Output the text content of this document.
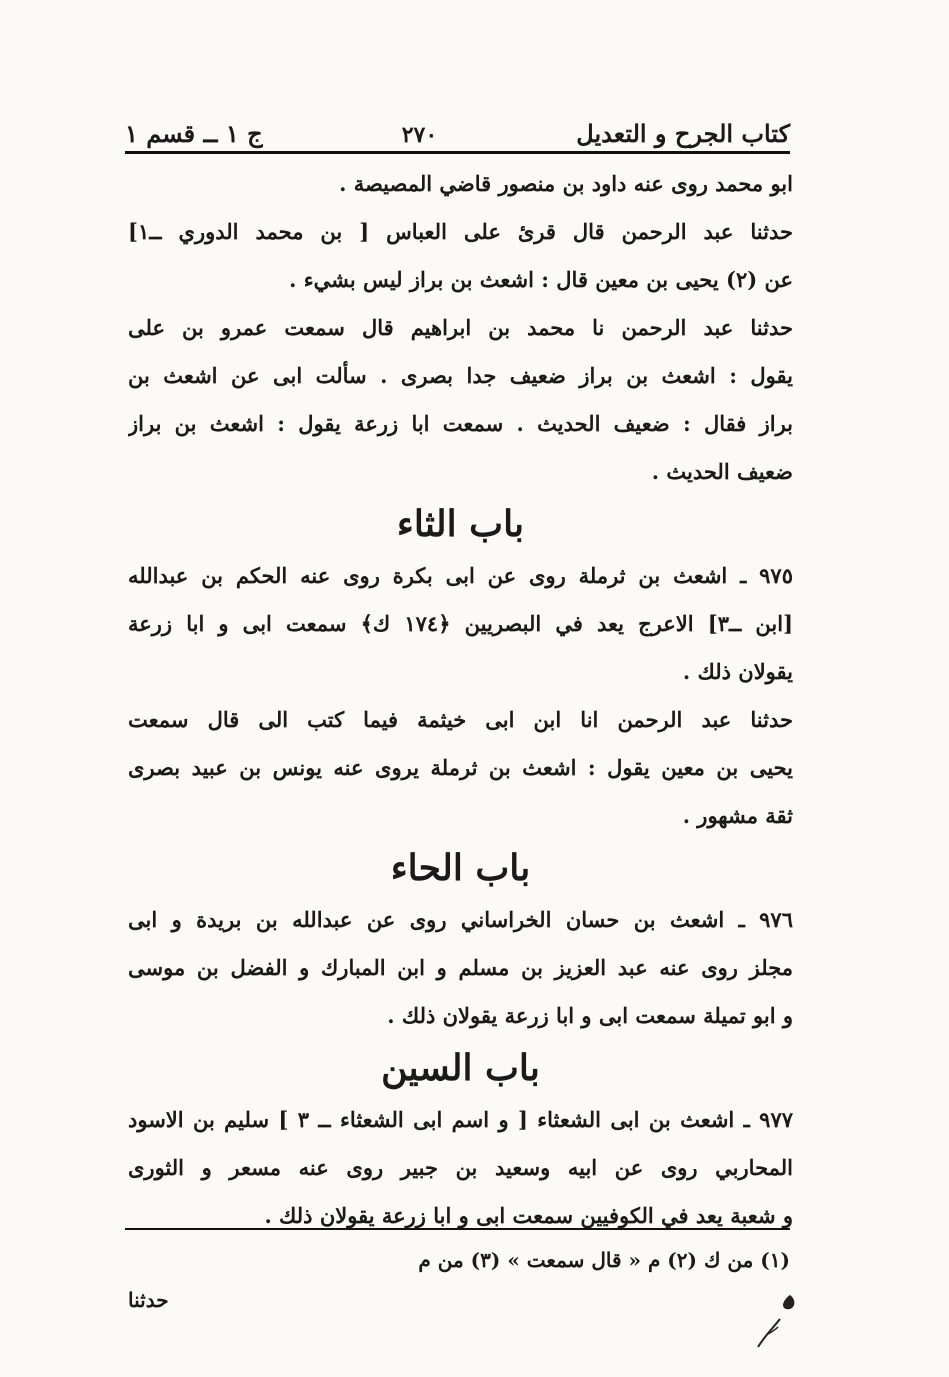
كتاب الجرح و التعديل
٢٧٠
ج ١ ــ قسم ١
ابو محمد روى عنه داود بن منصور قاضي المصيصة .
حدثنا عبد الرحمن قال قرئ على العباس [ بن محمد الدوري ــ١]
عن (٢) يحيى بن معين قال : اشعث بن براز ليس بشيء .
حدثنا عبد الرحمن نا محمد بن ابراهيم قال سمعت عمرو بن على
يقول : اشعث بن براز ضعيف جدا بصرى . سألت ابى عن اشعث بن
براز فقال : ضعيف الحديث . سمعت ابا زرعة يقول : اشعث بن براز
ضعيف الحديث .
باب الثاء
٩٧٥ ـ اشعث بن ثرملة روى عن ابى بكرة روى عنه الحكم بن عبدالله
[ابن ــ٣] الاعرج يعد في البصريين ﴿١٧٤ ك﴾ سمعت ابى و ابا زرعة
يقولان ذلك .
حدثنا عبد الرحمن انا ابن ابى خيثمة فيما كتب الى قال سمعت
يحيى بن معين يقول : اشعث بن ثرملة يروى عنه يونس بن عبيد بصرى
ثقة مشهور .
باب الحاء
٩٧٦ ـ اشعث بن حسان الخراساني روى عن عبدالله بن بريدة و ابى
مجلز روى عنه عبد العزيز بن مسلم و ابن المبارك و الفضل بن موسى
و ابو تميلة سمعت ابى و ابا زرعة يقولان ذلك .
باب السين
٩٧٧ ـ اشعث بن ابى الشعثاء [ و اسم ابى الشعثاء ــ ٣ ] سليم بن الاسود
المحاربي روى عن ابيه وسعيد بن جبير روى عنه مسعر و الثورى
و شعبة يعد في الكوفيين سمعت ابى و ابا زرعة يقولان ذلك .
(١) من ك (٢) م « قال سمعت » (٣) من م
حدثنا
